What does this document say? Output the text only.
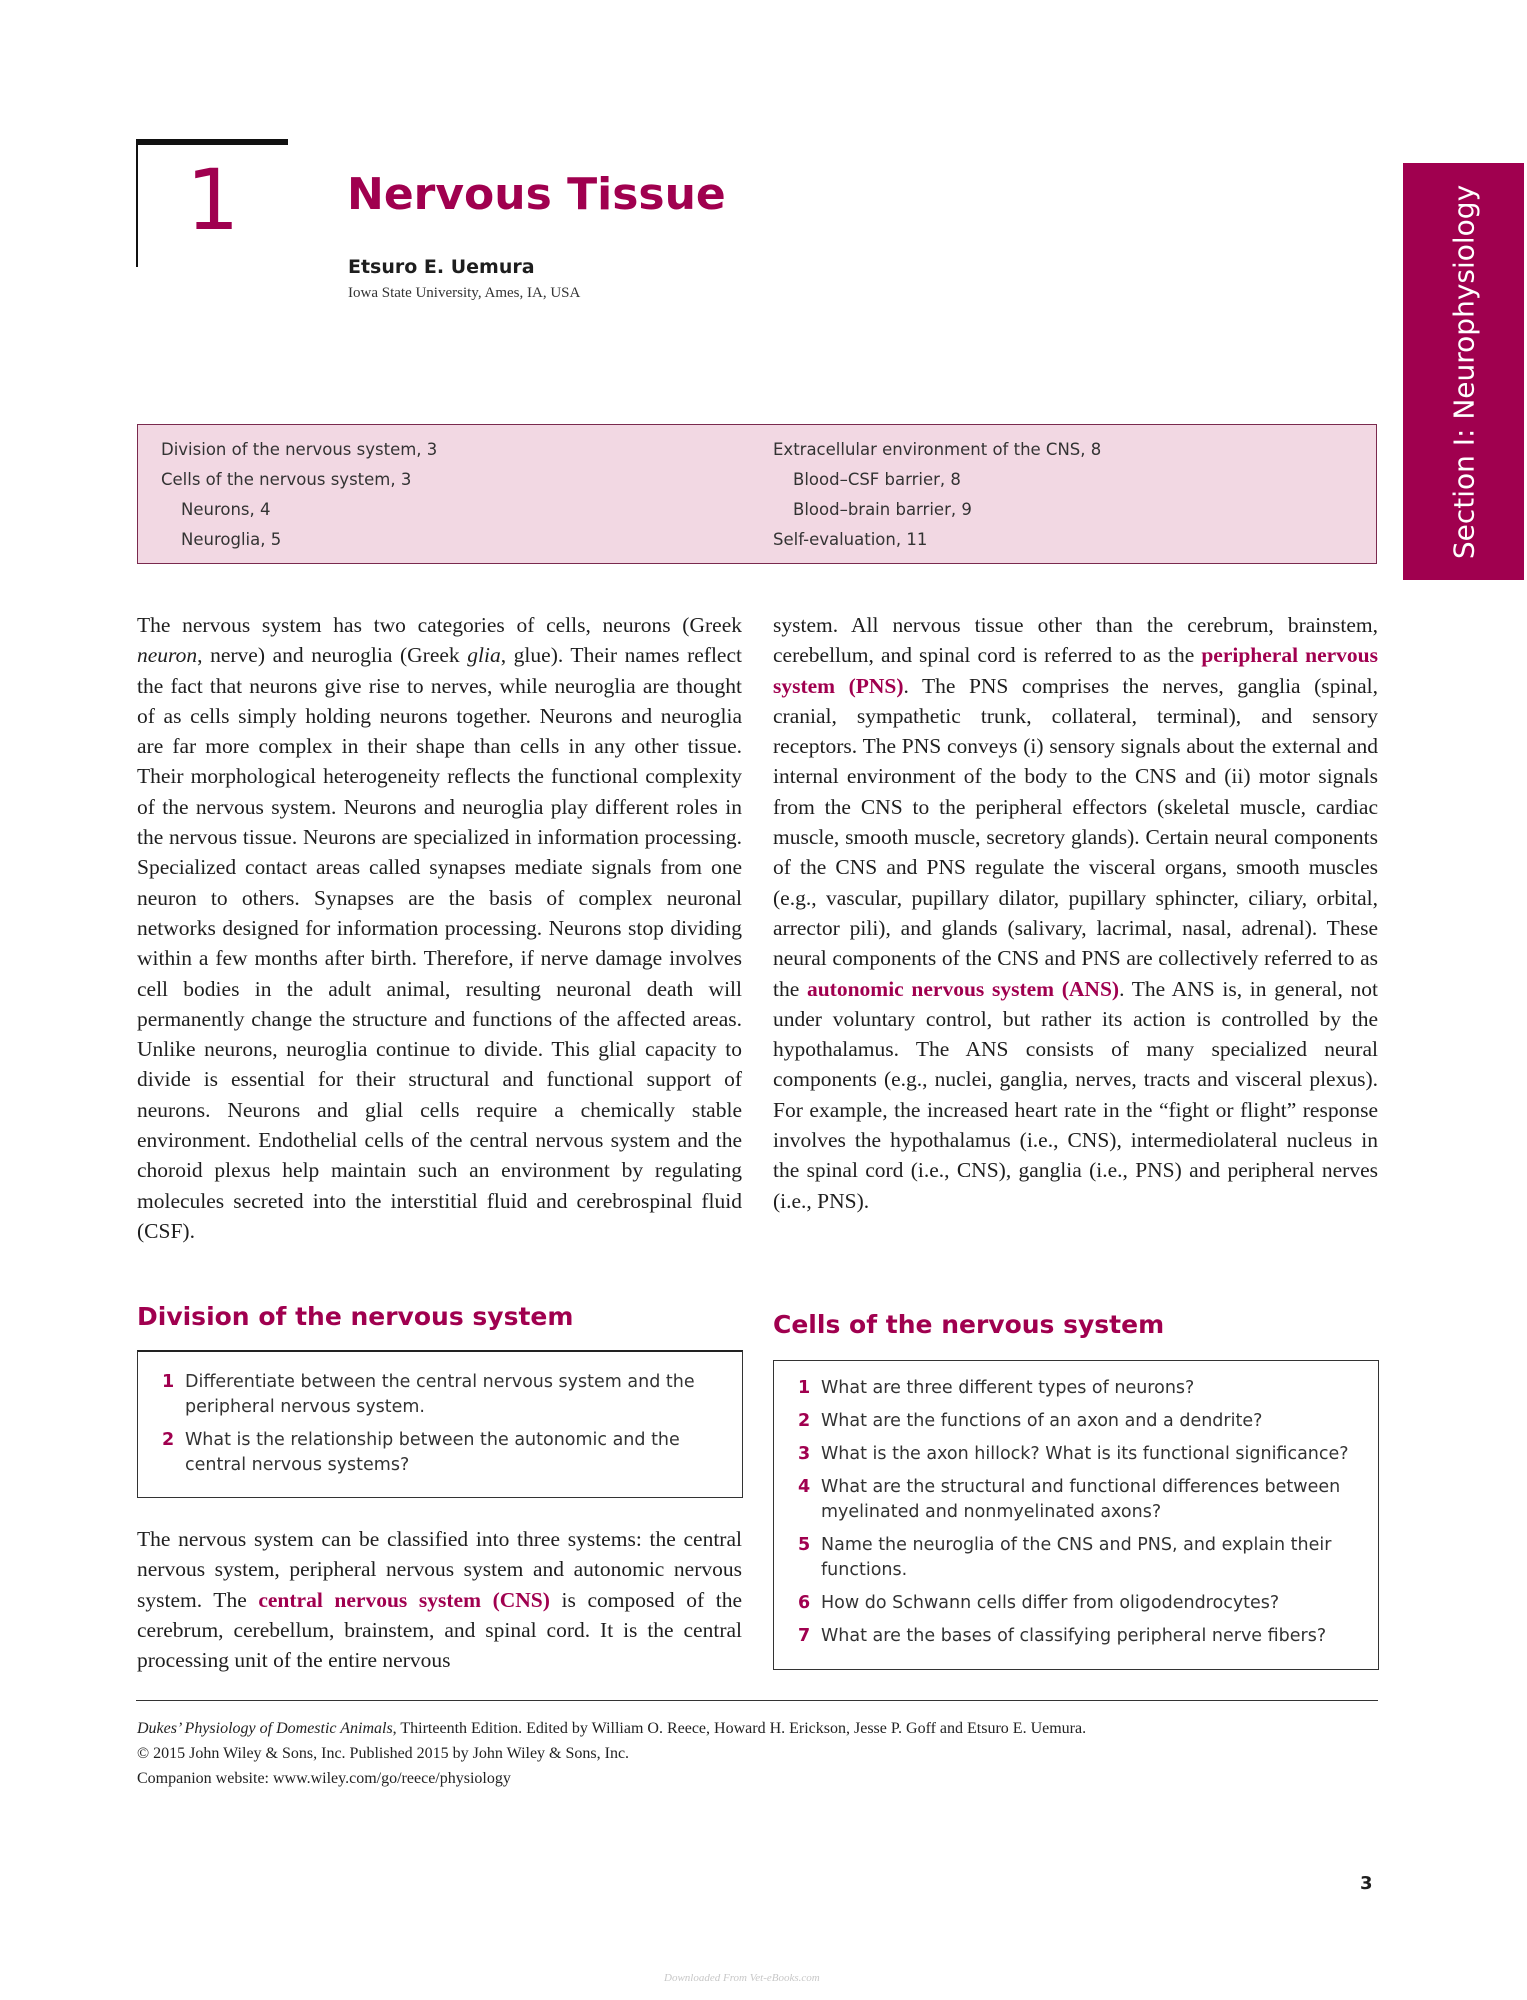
1 Nervous Tissue
Etsuro E. Uemura
Iowa State University, Ames, IA, USA	Section I: Neurophysiology
Division of the nervous system, 3
Cells of the nervous system, 3
Neurons, 4
Neuroglia, 5
Extracellular environment of the CNS, 8
Blood–CSF barrier, 8
Blood–brain barrier, 9
Self-evaluation, 11

The nervous system has two categories of cells, neurons (Greek neuron, nerve) and neuroglia (Greek glia, glue). Their names reflect the fact that neurons give rise to nerves, while neuroglia are thought of as cells simply holding neurons together. Neurons and neuroglia are far more complex in their shape than cells in any other tissue. Their morphological heterogeneity reflects the functional complexity of the nervous system. Neurons and neuroglia play different roles in the nervous tissue. Neurons are specialized in information processing. Specialized contact areas called synapses mediate signals from one neuron to others. Synapses are the basis of complex neuronal networks designed for information processing. Neurons stop dividing within a few months after birth. Therefore, if nerve damage involves cell bodies in the adult animal, resulting neuronal death will permanently change the structure and functions of the affected areas. Unlike neurons, neuroglia continue to divide. This glial capacity to divide is essential for their structural and functional support of neurons. Neurons and glial cells require a chemically stable environment. Endothelial cells of the central nervous system and the choroid plexus help maintain such an environment by regulating molecules secreted into the interstitial fluid and cerebrospinal fluid (CSF).

system. All nervous tissue other than the cerebrum, brainstem, cerebellum, and spinal cord is referred to as the peripheral nervous system (PNS). The PNS comprises the nerves, ganglia (spinal, cranial, sympathetic trunk, collateral, terminal), and sensory receptors. The PNS conveys (i) sensory signals about the external and internal environment of the body to the CNS and (ii) motor signals from the CNS to the peripheral effectors (skeletal muscle, cardiac muscle, smooth muscle, secretory glands). Certain neural components of the CNS and PNS regulate the visceral organs, smooth muscles (e.g., vascular, pupillary dilator, pupillary sphincter, ciliary, orbital, arrector pili), and glands (salivary, lacrimal, nasal, adrenal). These neural components of the CNS and PNS are collectively referred to as the autonomic nervous system (ANS). The ANS is, in general, not under voluntary control, but rather its action is controlled by the hypothalamus. The ANS consists of many specialized neural components (e.g., nuclei, ganglia, nerves, tracts and visceral plexus). For example, the increased heart rate in the “fight or flight” response involves the hypothalamus (i.e., CNS), intermediolateral nucleus in the spinal cord (i.e., CNS), ganglia (i.e., PNS) and peripheral nerves (i.e., PNS).

Division of the nervous system
1 Differentiate between the central nervous system and the peripheral nervous system.
2 What is the relationship between the autonomic and the central nervous systems?

The nervous system can be classified into three systems: the central nervous system, peripheral nervous system and autonomic nervous system. The central nervous system (CNS) is composed of the cerebrum, cerebellum, brainstem, and spinal cord. It is the central processing unit of the entire nervous

Cells of the nervous system
1 What are three different types of neurons?
2 What are the functions of an axon and a dendrite?
3 What is the axon hillock? What is its functional significance?
4 What are the structural and functional differences between myelinated and nonmyelinated axons?
5 Name the neuroglia of the CNS and PNS, and explain their functions.
6 How do Schwann cells differ from oligodendrocytes?
7 What are the bases of classifying peripheral nerve fibers?
Dukes’ Physiology of Domestic Animals, Thirteenth Edition. Edited by William O. Reece, Howard H. Erickson, Jesse P. Goff and Etsuro E. Uemura.
© 2015 John Wiley & Sons, Inc. Published 2015 by John Wiley & Sons, Inc.
Companion website: www.wiley.com/go/reece/physiology
3
Downloaded From Vet-eBooks.com
